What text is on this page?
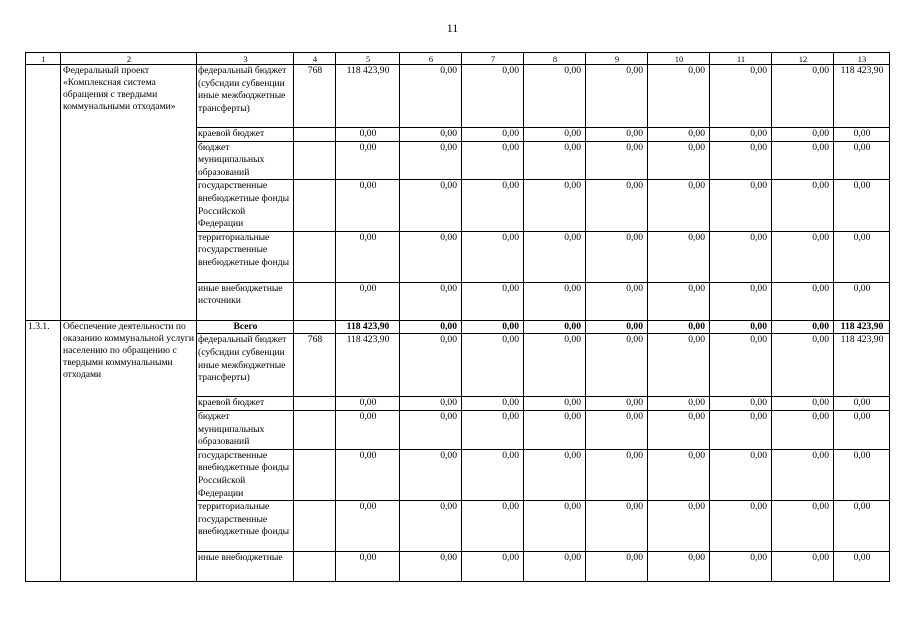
11
1	2	3	4	5	6	7	8	9	10	11	12	13
	Федеральный проект «Комплексная система обращения с твердыми коммунальными отходами»	федеральный бюджет (субсидии субвенции иные межбюджетные трансферты)	768	118 423,90	0,00	0,00	0,00	0,00	0,00	0,00	0,00	118 423,90
		краевой бюджет		0,00	0,00	0,00	0,00	0,00	0,00	0,00	0,00	0,00
		бюджет муниципальных образований		0,00	0,00	0,00	0,00	0,00	0,00	0,00	0,00	0,00
		государственные внебюджетные фонды Российской Федерации		0,00	0,00	0,00	0,00	0,00	0,00	0,00	0,00	0,00
		территориальные государственные внебюджетные фонды		0,00	0,00	0,00	0,00	0,00	0,00	0,00	0,00	0,00
		иные внебюджетные источники		0,00	0,00	0,00	0,00	0,00	0,00	0,00	0,00	0,00
1.3.1.	Обеспечение деятельности по оказанию коммунальной услуги населению по обращению с твердыми коммунальными отходами	Всего		118 423,90	0,00	0,00	0,00	0,00	0,00	0,00	0,00	118 423,90
		федеральный бюджет (субсидии субвенции иные межбюджетные трансферты)	768	118 423,90	0,00	0,00	0,00	0,00	0,00	0,00	0,00	118 423,90
		краевой бюджет		0,00	0,00	0,00	0,00	0,00	0,00	0,00	0,00	0,00
		бюджет муниципальных образований		0,00	0,00	0,00	0,00	0,00	0,00	0,00	0,00	0,00
		государственные внебюджетные фонды Российской Федерации		0,00	0,00	0,00	0,00	0,00	0,00	0,00	0,00	0,00
		территориальные государственные внебюджетные фонды		0,00	0,00	0,00	0,00	0,00	0,00	0,00	0,00	0,00
		иные внебюджетные		0,00	0,00	0,00	0,00	0,00	0,00	0,00	0,00	0,00
